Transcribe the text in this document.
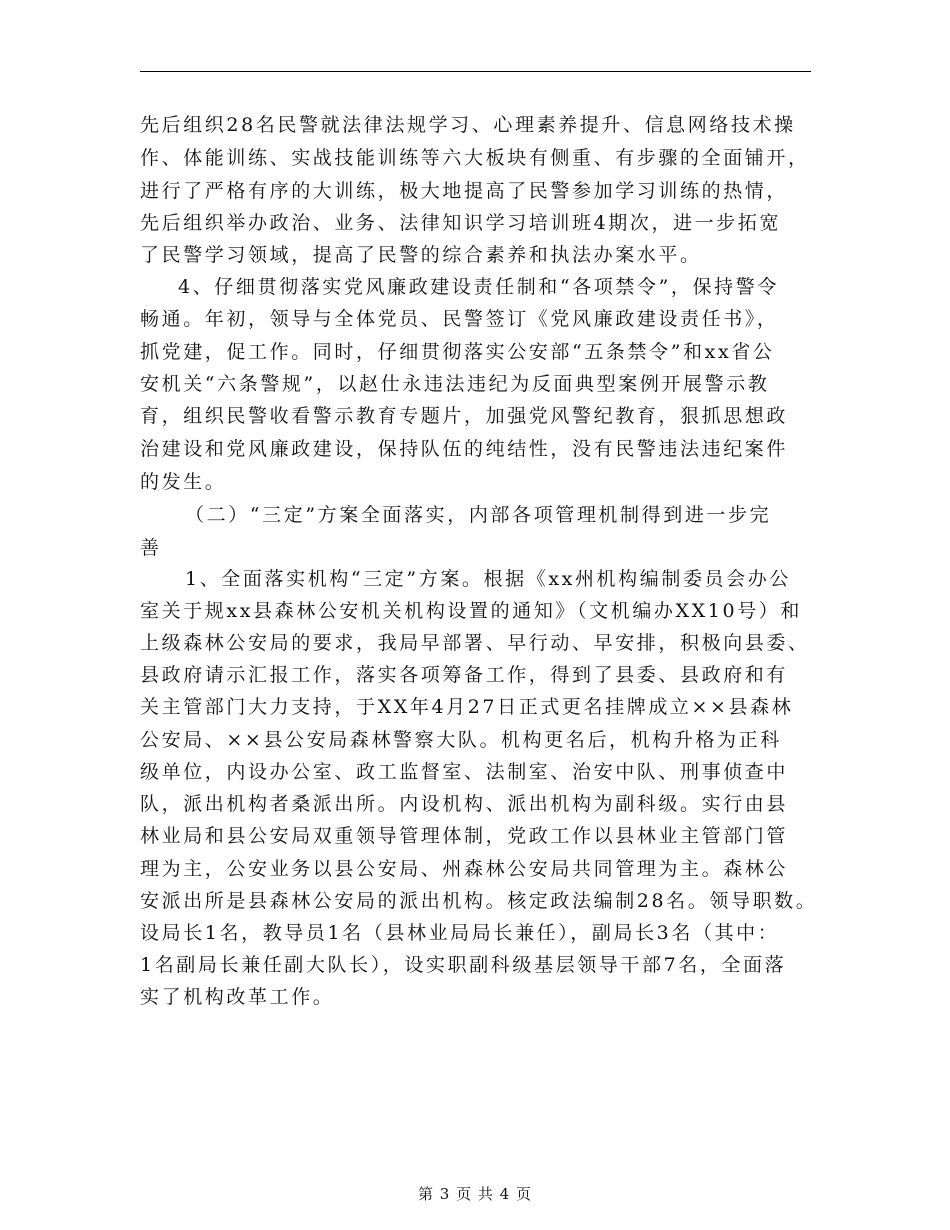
先后组织28名民警就法律法规学习、心理素养提升、信息网络技术操
作、体能训练、实战技能训练等六大板块有侧重、有步骤的全面铺开，
进行了严格有序的大训练，极大地提高了民警参加学习训练的热情，
先后组织举办政治、业务、法律知识学习培训班4期次，进一步拓宽
了民警学习领域，提高了民警的综合素养和执法办案水平。
4、仔细贯彻落实党风廉政建设责任制和“各项禁令”，保持警令
畅通。年初，领导与全体党员、民警签订《党风廉政建设责任书》，
抓党建，促工作。同时，仔细贯彻落实公安部“五条禁令”和xx省公
安机关“六条警规”，以赵仕永违法违纪为反面典型案例开展警示教
育，组织民警收看警示教育专题片，加强党风警纪教育，狠抓思想政
治建设和党风廉政建设，保持队伍的纯结性，没有民警违法违纪案件
的发生。
（二）“三定”方案全面落实，内部各项管理机制得到进一步完
善
1、全面落实机构“三定”方案。根据《xx州机构编制委员会办公
室关于规xx县森林公安机关机构设置的通知》（文机编办XX10号）和
上级森林公安局的要求，我局早部署、早行动、早安排，积极向县委、
县政府请示汇报工作，落实各项筹备工作，得到了县委、县政府和有
关主管部门大力支持，于XX年4月27日正式更名挂牌成立××县森林
公安局、××县公安局森林警察大队。机构更名后，机构升格为正科
级单位，内设办公室、政工监督室、法制室、治安中队、刑事侦查中
队，派出机构者桑派出所。内设机构、派出机构为副科级。实行由县
林业局和县公安局双重领导管理体制，党政工作以县林业主管部门管
理为主，公安业务以县公安局、州森林公安局共同管理为主。森林公
安派出所是县森林公安局的派出机构。核定政法编制28名。领导职数。
设局长1名，教导员1名（县林业局局长兼任），副局长3名（其中：
1名副局长兼任副大队长），设实职副科级基层领导干部7名，全面落
实了机构改革工作。
第 3 页 共 4 页
